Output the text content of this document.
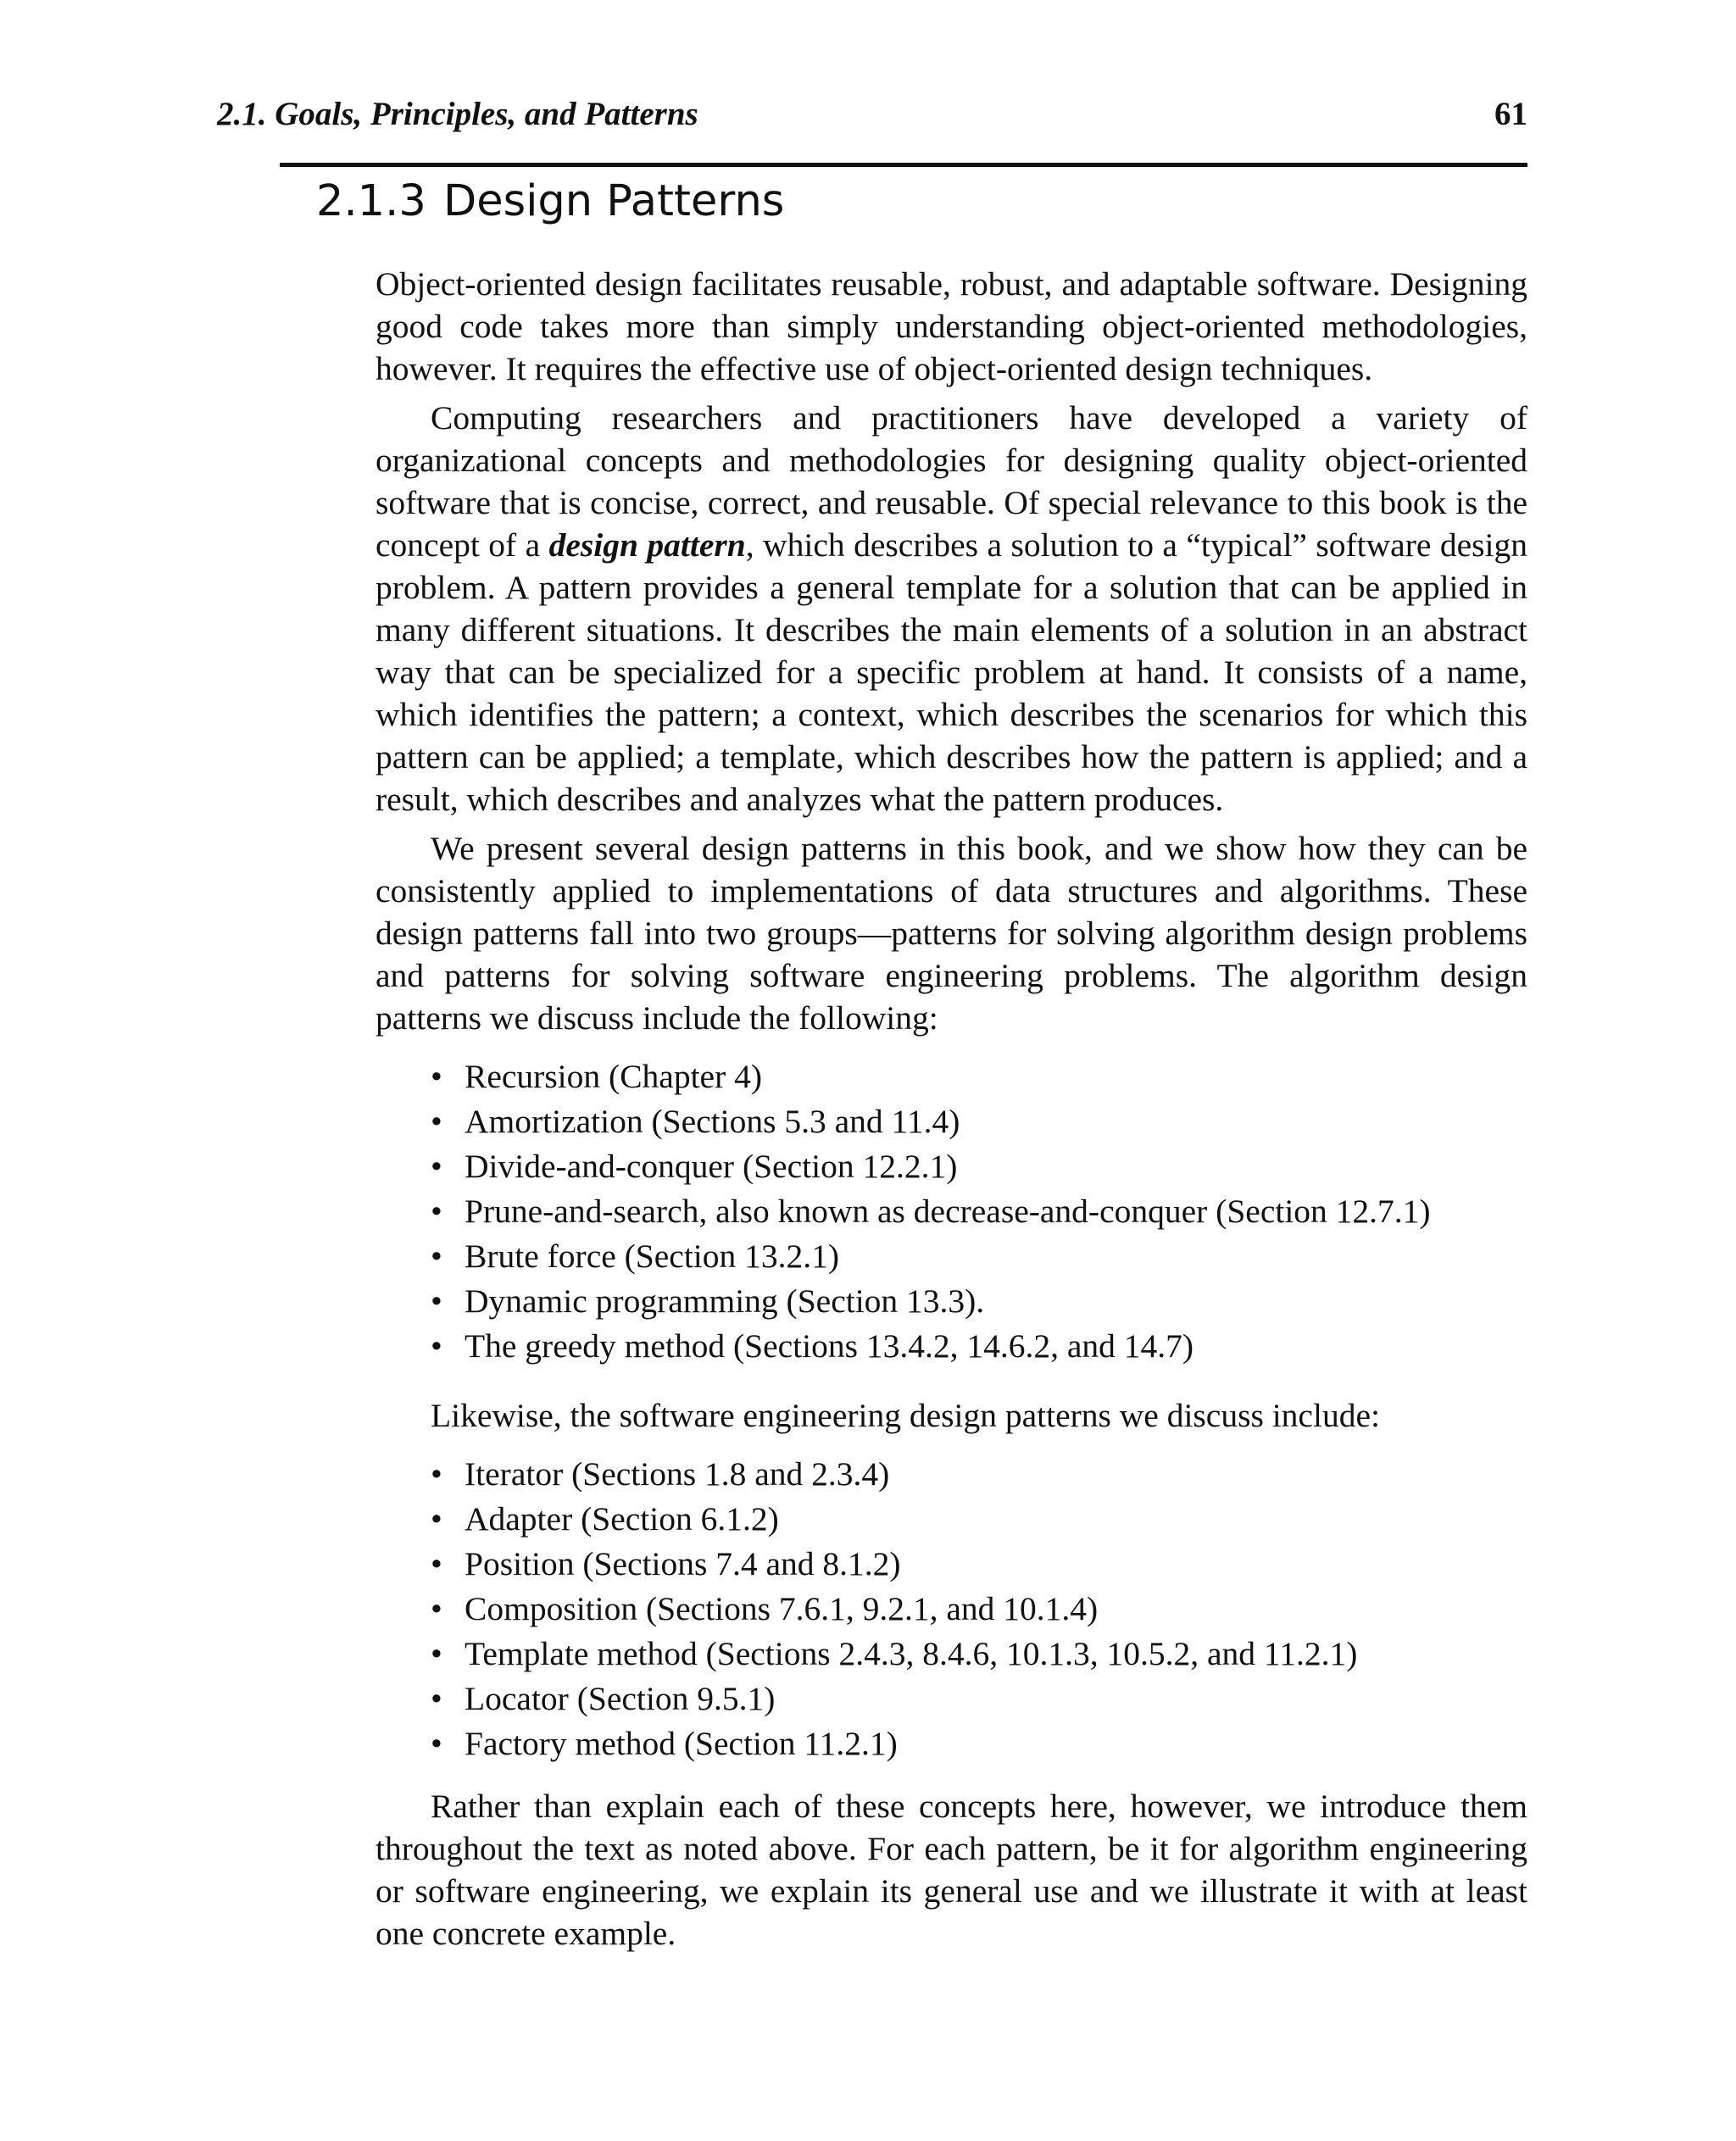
2.1. Goals, Principles, and Patterns	61
2.1.3 Design Patterns

Object-oriented design facilitates reusable, robust, and adaptable software. Designing good code takes more than simply understanding object-oriented methodologies, however. It requires the effective use of object-oriented design techniques.

Computing researchers and practitioners have developed a variety of organizational concepts and methodologies for designing quality object-oriented software that is concise, correct, and reusable. Of special relevance to this book is the concept of a design pattern, which describes a solution to a “typical” software design problem. A pattern provides a general template for a solution that can be applied in many different situations. It describes the main elements of a solution in an abstract way that can be specialized for a specific problem at hand. It consists of a name, which identifies the pattern; a context, which describes the scenarios for which this pattern can be applied; a template, which describes how the pattern is applied; and a result, which describes and analyzes what the pattern produces.

We present several design patterns in this book, and we show how they can be consistently applied to implementations of data structures and algorithms. These design patterns fall into two groups—patterns for solving algorithm design problems and patterns for solving software engineering problems. The algorithm design patterns we discuss include the following:

• Recursion (Chapter 4)
• Amortization (Sections 5.3 and 11.4)
• Divide-and-conquer (Section 12.2.1)
• Prune-and-search, also known as decrease-and-conquer (Section 12.7.1)
• Brute force (Section 13.2.1)
• Dynamic programming (Section 13.3).
• The greedy method (Sections 13.4.2, 14.6.2, and 14.7)

Likewise, the software engineering design patterns we discuss include:

• Iterator (Sections 1.8 and 2.3.4)
• Adapter (Section 6.1.2)
• Position (Sections 7.4 and 8.1.2)
• Composition (Sections 7.6.1, 9.2.1, and 10.1.4)
• Template method (Sections 2.4.3, 8.4.6, 10.1.3, 10.5.2, and 11.2.1)
• Locator (Section 9.5.1)
• Factory method (Section 11.2.1)

Rather than explain each of these concepts here, however, we introduce them throughout the text as noted above. For each pattern, be it for algorithm engineering or software engineering, we explain its general use and we illustrate it with at least one concrete example.
